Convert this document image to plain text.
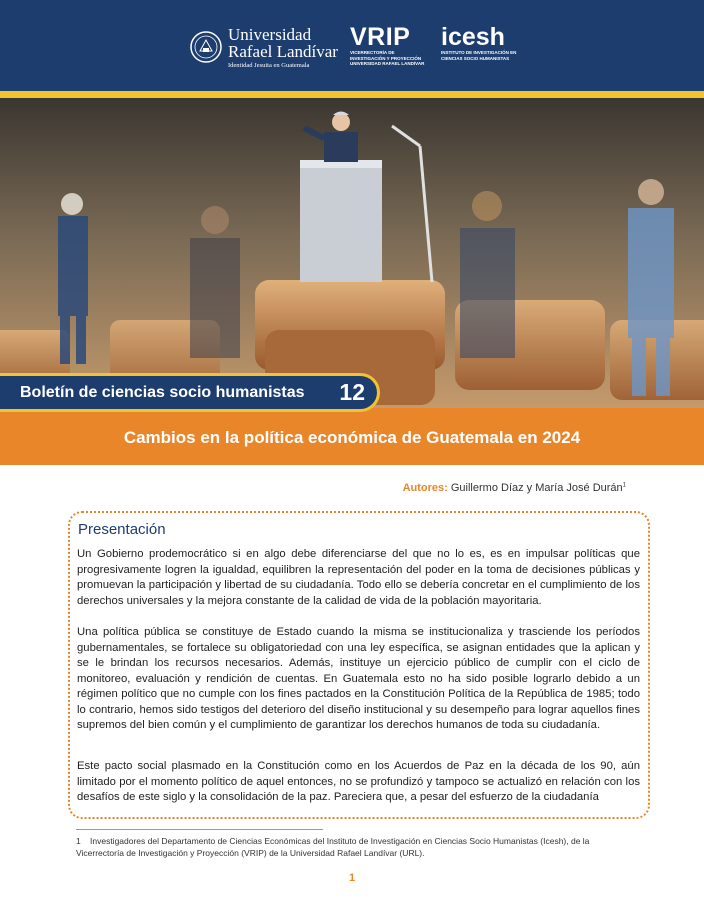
Universidad
Rafael Landívar
Identidad Jesuita en Guatemala
VRIP
VICERRECTORÍA DE INVESTIGACIÓN Y PROYECCIÓN UNIVERSIDAD RAFAEL LANDÍVAR
icesh
INSTITUTO DE INVESTIGACIÓN EN CIENCIAS SOCIO HUMANISTAS
Boletín de ciencias socio humanistas 12
Cambios en la política económica de Guatemala en 2024
Autores: Guillermo Díaz y María José Durán$^1$
Presentación

Un Gobierno prodemocrático si en algo debe diferenciarse del que no lo es, es en impulsar políticas que progresivamente logren la igualdad, equilibren la representación del poder en la toma de decisiones públicas y promuevan la participación y libertad de su ciudadanía. Todo ello se debería concretar en el cumplimiento de los derechos universales y la mejora constante de la calidad de vida de la población mayoritaria.

Una política pública se constituye de Estado cuando la misma se institucionaliza y trasciende los períodos gubernamentales, se fortalece su obligatoriedad con una ley específica, se asignan entidades que la aplican y se le brindan los recursos necesarios. Además, instituye un ejercicio público de cumplir con el ciclo de monitoreo, evaluación y rendición de cuentas. En Guatemala esto no ha sido posible lograrlo debido a un régimen político que no cumple con los fines pactados en la Constitución Política de la República de 1985; todo lo contrario, hemos sido testigos del deterioro del diseño institucional y su desempeño para lograr aquellos fines supremos del bien común y el cumplimiento de garantizar los derechos humanos de toda su ciudadanía.

Este pacto social plasmado en la Constitución como en los Acuerdos de Paz en la década de los 90, aún limitado por el momento político de aquel entonces, no se profundizó y tampoco se actualizó en relación con los desafíos de este siglo y la consolidación de la paz. Pareciera que, a pesar del esfuerzo de la ciudadanía

1 Investigadores del Departamento de Ciencias Económicas del Instituto de Investigación en Ciencias Socio Humanistas (Icesh), de la Vicerrectoría de Investigación y Proyección (VRIP) de la Universidad Rafael Landívar (URL).
1
